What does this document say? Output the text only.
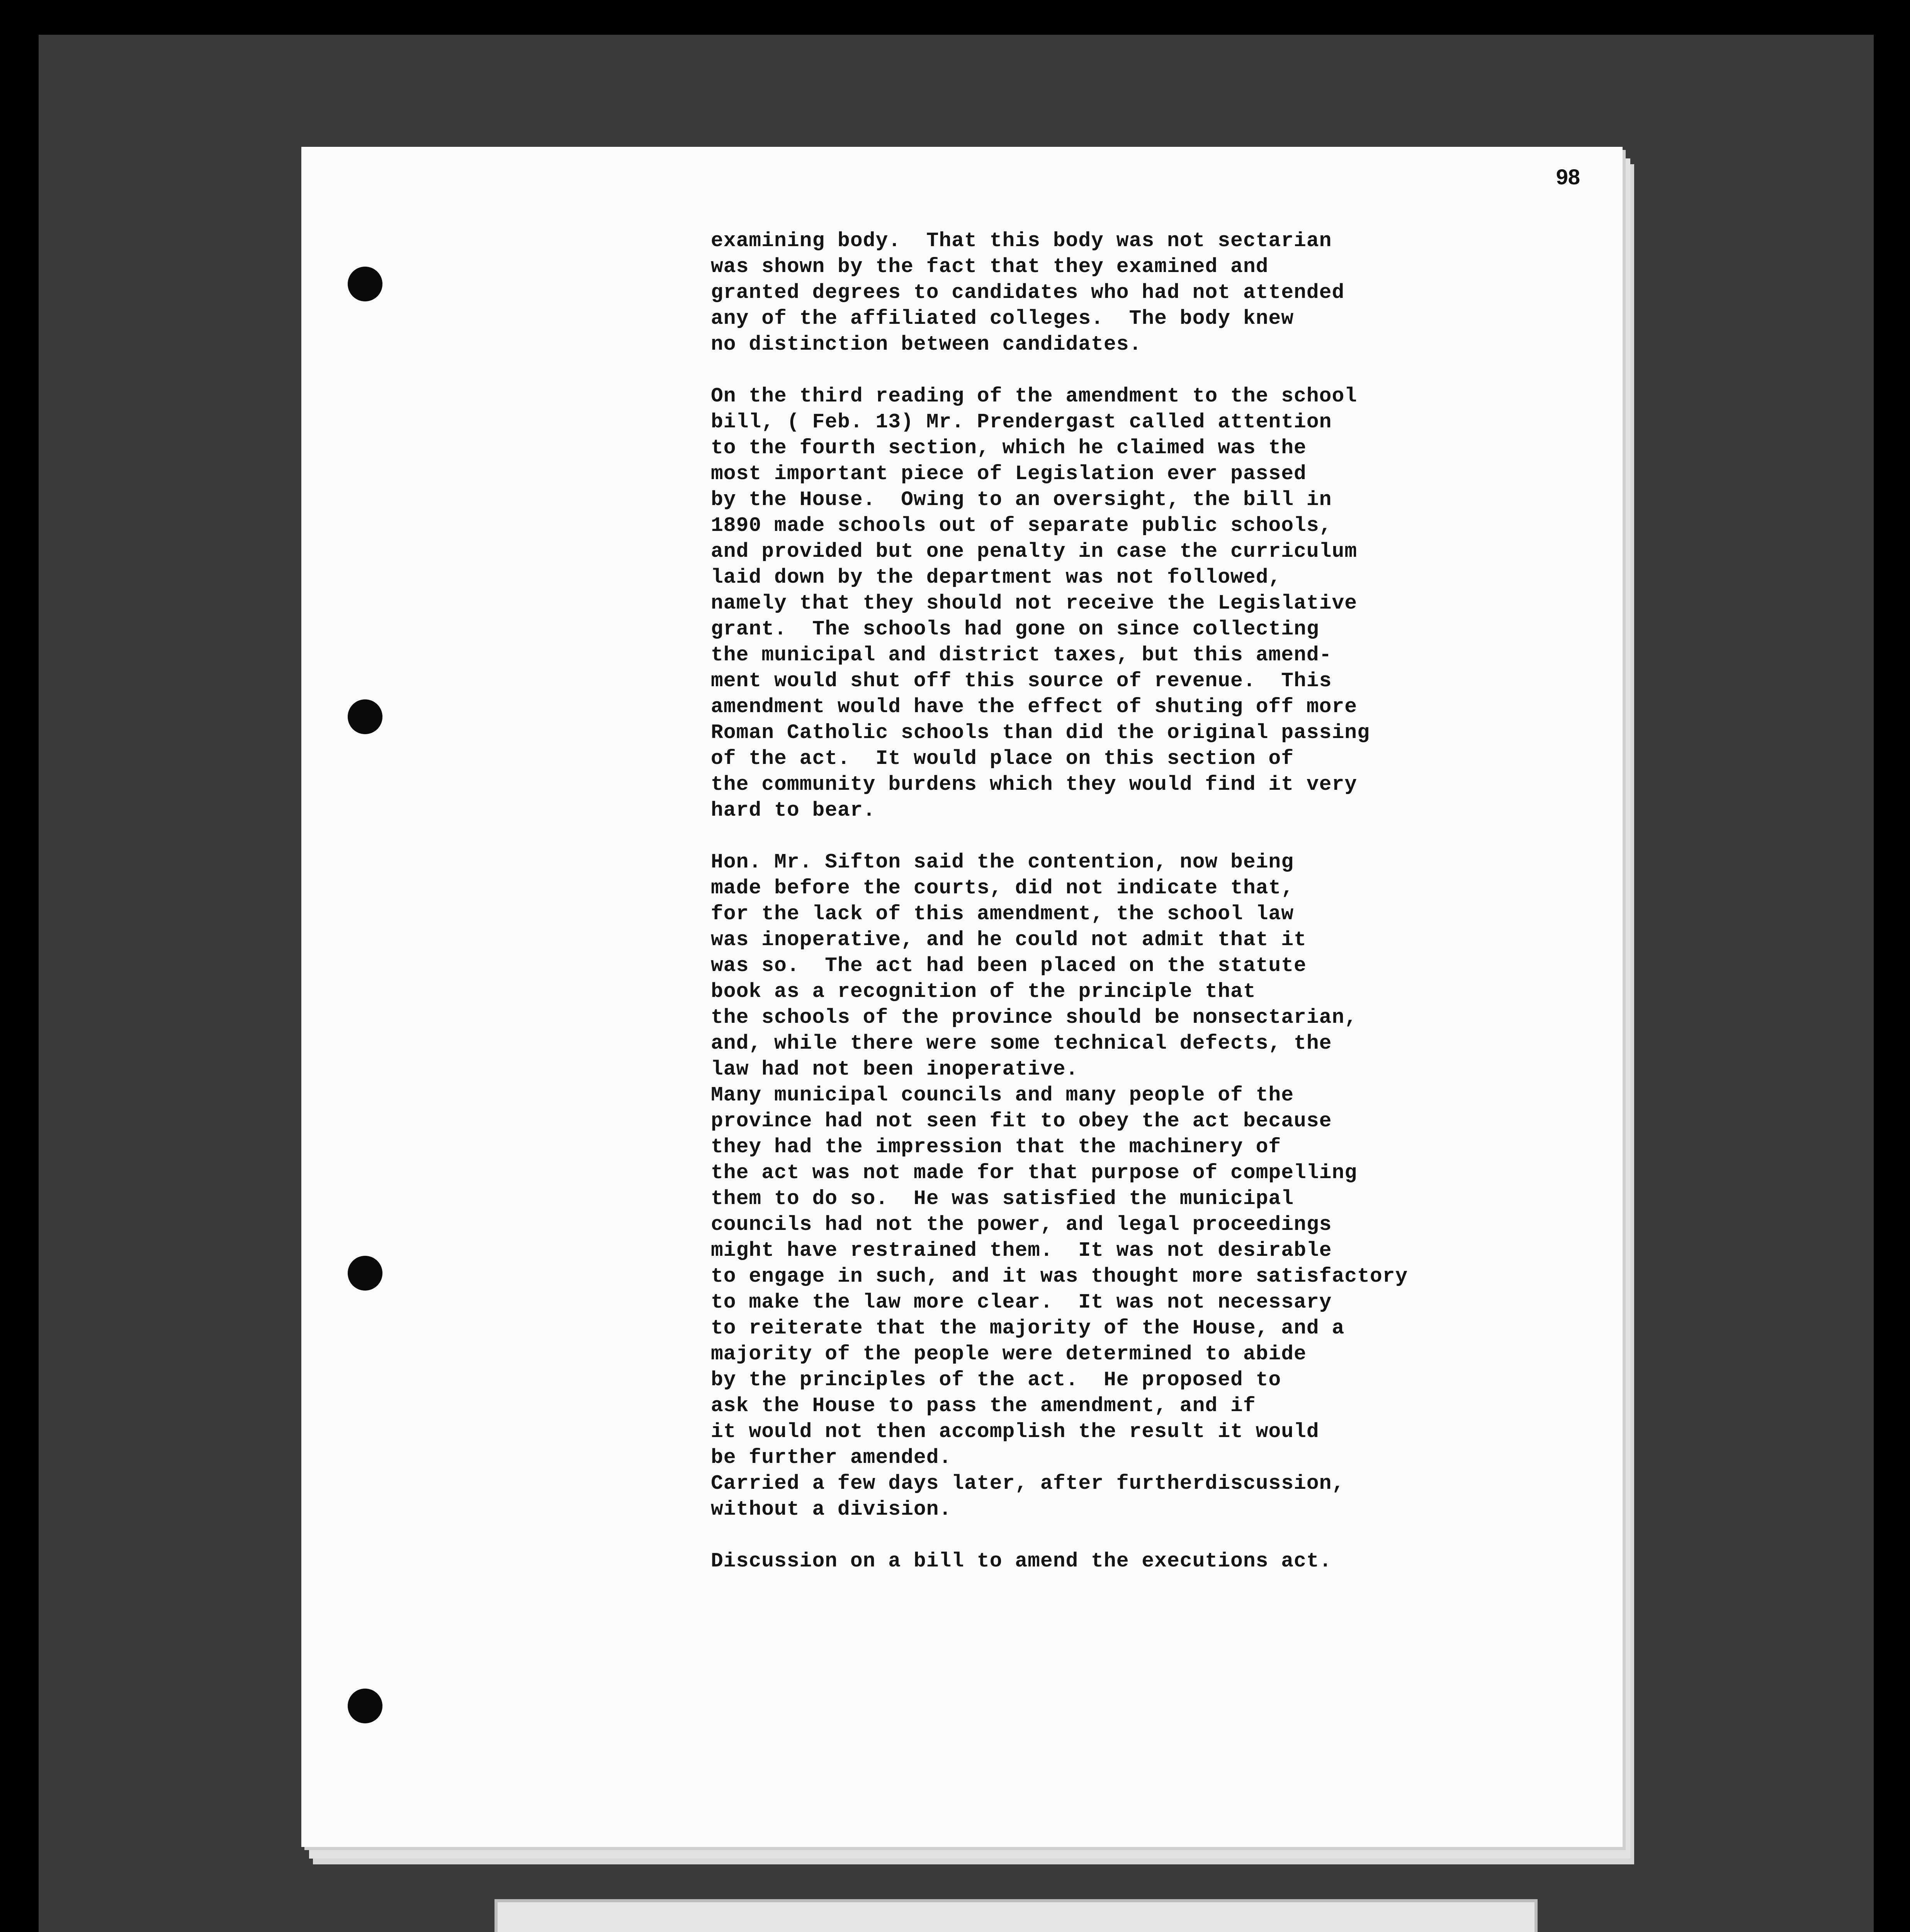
98
examining body.  That this body was not sectarian
was shown by the fact that they examined and
granted degrees to candidates who had not attended
any of the affiliated colleges.  The body knew
no distinction between candidates.
On the third reading of the amendment to the school
bill, ( Feb. 13) Mr. Prendergast called attention
to the fourth section, which he claimed was the
most important piece of Legislation ever passed
by the House.  Owing to an oversight, the bill in
1890 made schools out of separate public schools,
and provided but one penalty in case the curriculum
laid down by the department was not followed,
namely that they should not receive the Legislative
grant.  The schools had gone on since collecting
the municipal and district taxes, but this amend-
ment would shut off this source of revenue.  This
amendment would have the effect of shuting off more
Roman Catholic schools than did the original passing
of the act.  It would place on this section of
the community burdens which they would find it very
hard to bear.
Hon. Mr. Sifton said the contention, now being
made before the courts, did not indicate that,
for the lack of this amendment, the school law
was inoperative, and he could not admit that it
was so.  The act had been placed on the statute
book as a recognition of the principle that
the schools of the province should be nonsectarian,
and, while there were some technical defects, the
law had not been inoperative.
Many municipal councils and many people of the
province had not seen fit to obey the act because
they had the impression that the machinery of
the act was not made for that purpose of compelling
them to do so.  He was satisfied the municipal
councils had not the power, and legal proceedings
might have restrained them.  It was not desirable
to engage in such, and it was thought more satisfactory
to make the law more clear.  It was not necessary
to reiterate that the majority of the House, and a
majority of the people were determined to abide
by the principles of the act.  He proposed to
ask the House to pass the amendment, and if
it would not then accomplish the result it would
be further amended.
Carried a few days later, after furtherdiscussion,
without a division.
Discussion on a bill to amend the executions act.
